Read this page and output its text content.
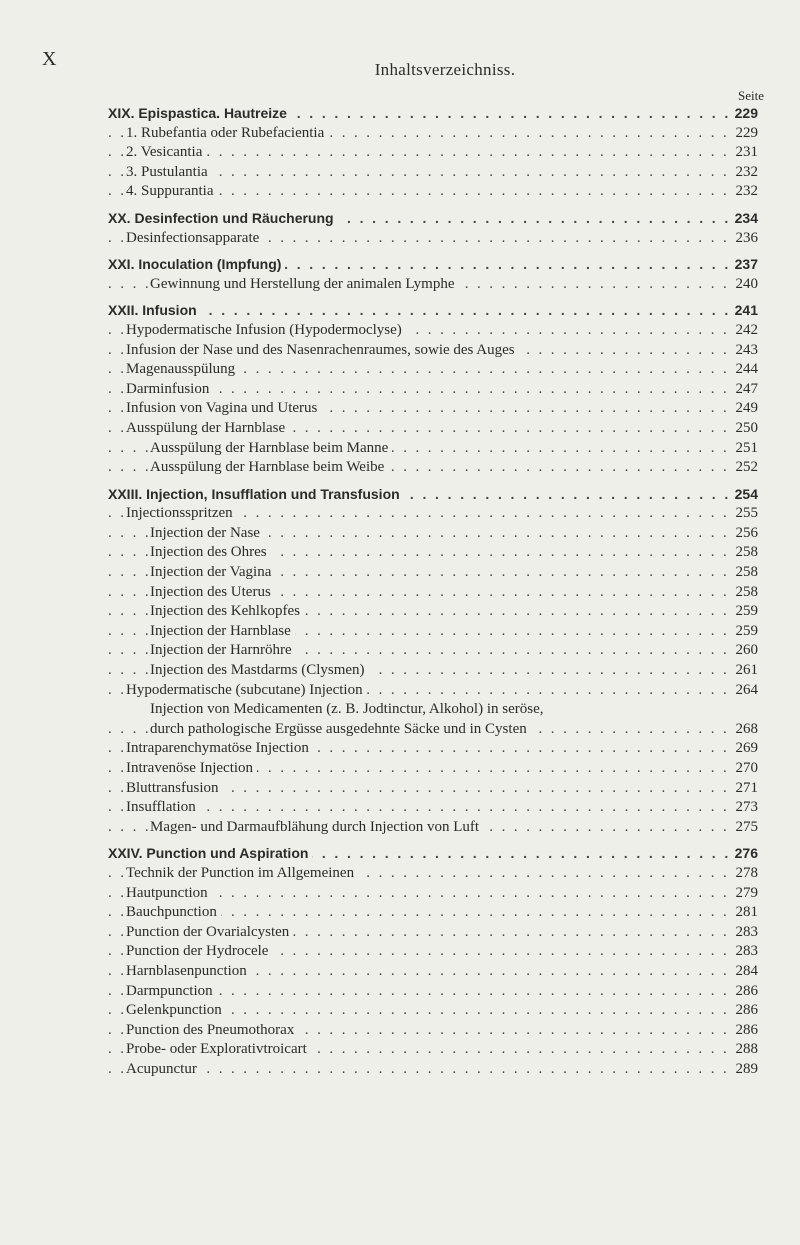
X	Inhaltsverzeichniss.
Seite
XIX. Epispastica. Hautreize	229
. . .
1. Rubefantia oder Rubefacientia	229
. . .
2. Vesicantia	231
. . .
3. Pustulantia	232
. . .
4. Suppurantia	232
. . .
XX. Desinfection und Räucherung	234
. . .
Desinfectionsapparate	236
. . .
XXI. Inoculation (Impfung)	237
. . .
Gewinnung und Herstellung der animalen Lymphe	240
. . .
XXII. Infusion	241
. . .
Hypodermatische Infusion (Hypodermoclyse)	242
. . .
Infusion der Nase und des Nasenrachenraumes, sowie des Auges	243
. . .
Magenausspülung	244
. . .
Darminfusion	247
. . .
Infusion von Vagina und Uterus	249
. . .
Ausspülung der Harnblase	250
. . .
Ausspülung der Harnblase beim Manne	251
. . .
Ausspülung der Harnblase beim Weibe	252
. . .
XXIII. Injection, Insufflation und Transfusion	254
. . .
Injectionsspritzen	255
. . .
Injection der Nase	256
. . .
Injection des Ohres	258
. . .
Injection der Vagina	258
. . .
Injection des Uterus	258
. . .
Injection des Kehlkopfes	259
. . .
Injection der Harnblase	259
. . .
Injection der Harnröhre	260
. . .
Injection des Mastdarms (Clysmen)	261
. . .
Hypodermatische (subcutane) Injection	264
. . .
Injection von Medicamenten (z. B. Jodtinctur, Alkohol) in seröse,
durch pathologische Ergüsse ausgedehnte Säcke und in Cysten	268
. . .
Intraparenchymatöse Injection	269
. . .
Intravenöse Injection	270
. . .
Bluttransfusion	271
. . .
Insufflation	273
. . .
Magen- und Darmaufblähung durch Injection von Luft	275
. . .
XXIV. Punction und Aspiration	276
. . .
Technik der Punction im Allgemeinen	278
. . .
Hautpunction	279
. . .
Bauchpunction	281
. . .
Punction der Ovarialcysten	283
. . .
Punction der Hydrocele	283
. . .
Harnblasenpunction	284
. . .
Darmpunction	286
. . .
Gelenkpunction	286
. . .
Punction des Pneumothorax	286
. . .
Probe- oder Explorativtroicart	288
. . .
Acupunctur	289
. . .
